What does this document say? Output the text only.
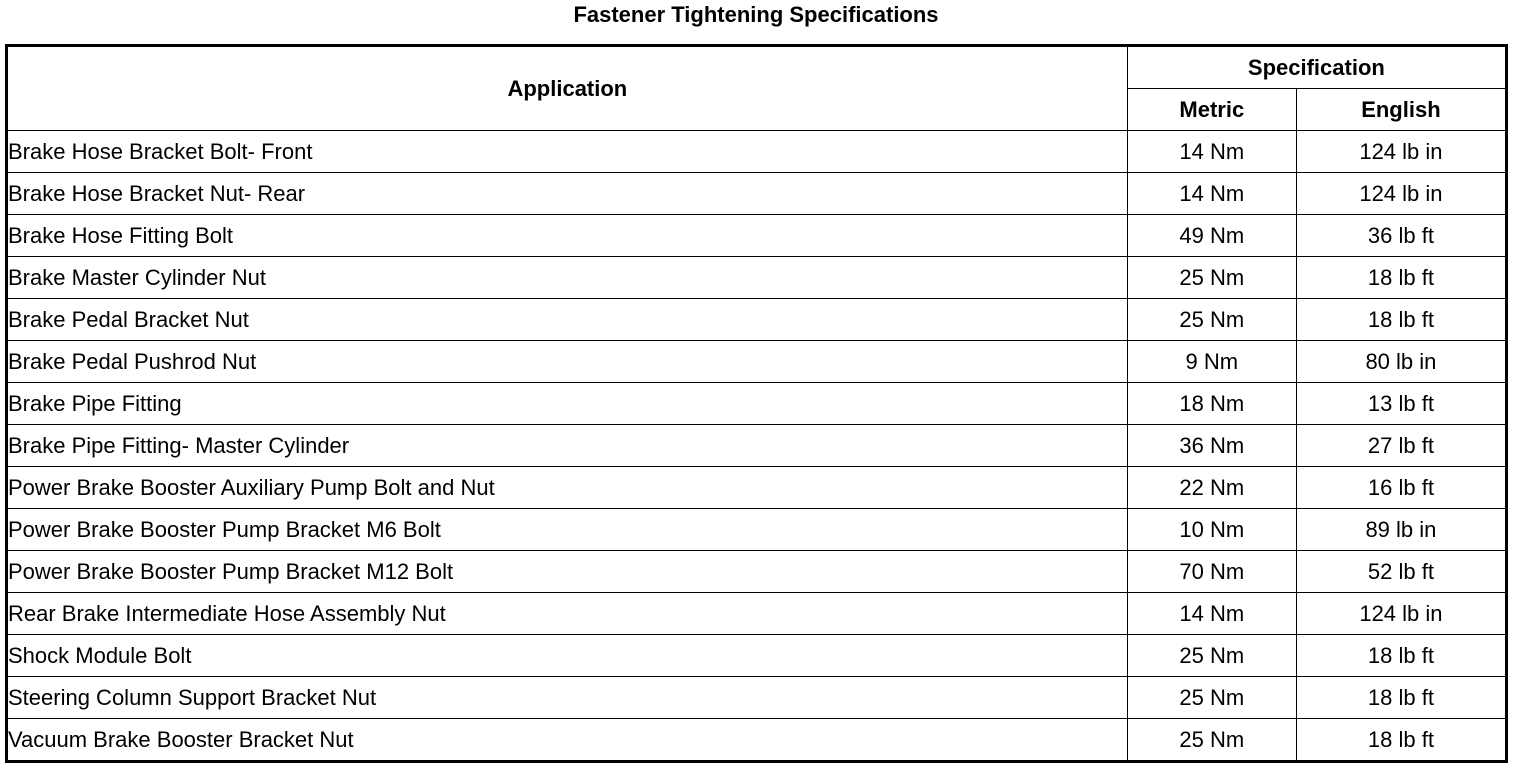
Fastener Tightening Specifications
Application	Specification	
	Metric	English
Brake Hose Bracket Bolt- Front	14 Nm	124 lb in
Brake Hose Bracket Nut- Rear	14 Nm	124 lb in
Brake Hose Fitting Bolt	49 Nm	36 lb ft
Brake Master Cylinder Nut	25 Nm	18 lb ft
Brake Pedal Bracket Nut	25 Nm	18 lb ft
Brake Pedal Pushrod Nut	9 Nm	80 lb in
Brake Pipe Fitting	18 Nm	13 lb ft
Brake Pipe Fitting- Master Cylinder	36 Nm	27 lb ft
Power Brake Booster Auxiliary Pump Bolt and Nut	22 Nm	16 lb ft
Power Brake Booster Pump Bracket M6 Bolt	10 Nm	89 lb in
Power Brake Booster Pump Bracket M12 Bolt	70 Nm	52 lb ft
Rear Brake Intermediate Hose Assembly Nut	14 Nm	124 lb in
Shock Module Bolt	25 Nm	18 lb ft
Steering Column Support Bracket Nut	25 Nm	18 lb ft
Vacuum Brake Booster Bracket Nut	25 Nm	18 lb ft
